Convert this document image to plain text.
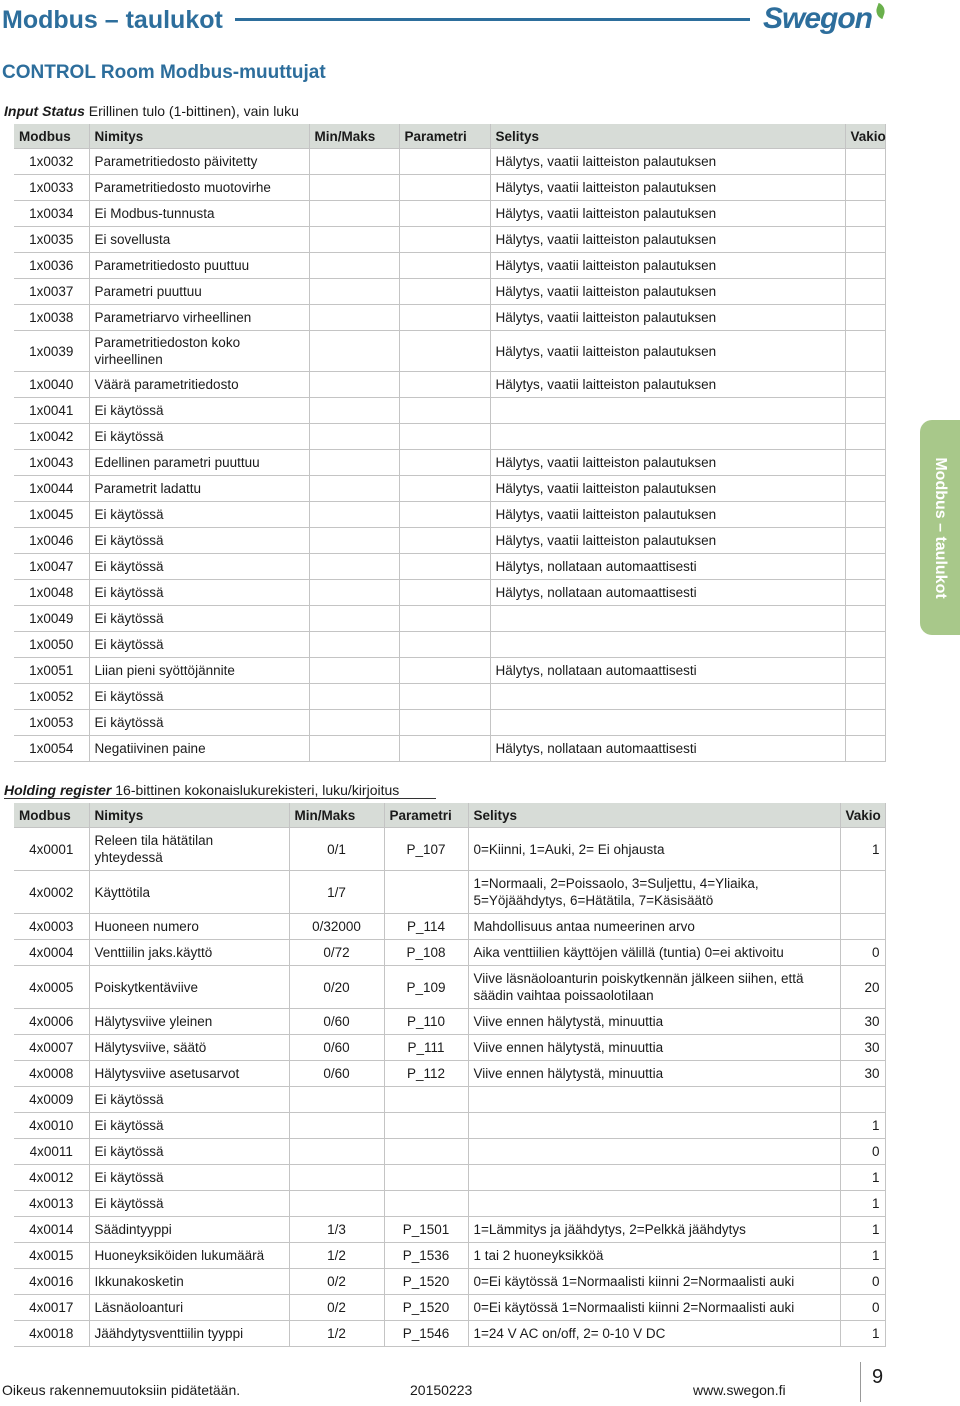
Modbus – taulukot	Swegon
CONTROL Room Modbus-muuttujat
Input Status Erillinen tulo (1-bittinen), vain luku
Modbus	Nimitys	Min/Maks	Parametri	Selitys	Vakio
1x0032	Parametritiedosto päivitetty			Hälytys, vaatii laitteiston palautuksen	
1x0033	Parametritiedosto muotovirhe			Hälytys, vaatii laitteiston palautuksen	
1x0034	Ei Modbus-tunnusta			Hälytys, vaatii laitteiston palautuksen	
1x0035	Ei sovellusta			Hälytys, vaatii laitteiston palautuksen	
1x0036	Parametritiedosto puuttuu			Hälytys, vaatii laitteiston palautuksen	
1x0037	Parametri puuttuu			Hälytys, vaatii laitteiston palautuksen	
1x0038	Parametriarvo virheellinen			Hälytys, vaatii laitteiston palautuksen	
1x0039	Parametritiedoston koko virheellinen			Hälytys, vaatii laitteiston palautuksen	
1x0040	Väärä parametritiedosto			Hälytys, vaatii laitteiston palautuksen	
1x0041	Ei käytössä				
1x0042	Ei käytössä				
1x0043	Edellinen parametri puuttuu			Hälytys, vaatii laitteiston palautuksen	
1x0044	Parametrit ladattu			Hälytys, vaatii laitteiston palautuksen	
1x0045	Ei käytössä			Hälytys, vaatii laitteiston palautuksen	
1x0046	Ei käytössä			Hälytys, vaatii laitteiston palautuksen	
1x0047	Ei käytössä			Hälytys, nollataan automaattisesti	
1x0048	Ei käytössä			Hälytys, nollataan automaattisesti	
1x0049	Ei käytössä				
1x0050	Ei käytössä				
1x0051	Liian pieni syöttöjännite			Hälytys, nollataan automaattisesti	
1x0052	Ei käytössä				
1x0053	Ei käytössä				
1x0054	Negatiivinen paine			Hälytys, nollataan automaattisesti	
Holding register 16-bittinen kokonaislukurekisteri, luku/kirjoitus
Modbus	Nimitys	Min/Maks	Parametri	Selitys	Vakio
4x0001	Releen tila hätätilan yhteydessä	0/1	P_107	0=Kiinni, 1=Auki, 2= Ei ohjausta	1
4x0002	Käyttötila	1/7		1=Normaali, 2=Poissaolo, 3=Suljettu, 4=Yliaika, 5=Yöjäähdytys, 6=Hätätila, 7=Käsisäätö	
4x0003	Huoneen numero	0/32000	P_114	Mahdollisuus antaa numeerinen arvo	
4x0004	Venttiilin jaks.käyttö	0/72	P_108	Aika venttiilien käyttöjen välillä (tuntia) 0=ei aktivoitu	0
4x0005	Poiskytkentäviive	0/20	P_109	Viive läsnäoloanturin poiskytkennän jälkeen siihen, että säädin vaihtaa poissaolotilaan	20
4x0006	Hälytysviive yleinen	0/60	P_110	Viive ennen hälytystä, minuuttia	30
4x0007	Hälytysviive, säätö	0/60	P_111	Viive ennen hälytystä, minuuttia	30
4x0008	Hälytysviive asetusarvot	0/60	P_112	Viive ennen hälytystä, minuuttia	30
4x0009	Ei käytössä				
4x0010	Ei käytössä				1
4x0011	Ei käytössä				0
4x0012	Ei käytössä				1
4x0013	Ei käytössä				1
4x0014	Säädintyyppi	1/3	P_1501	1=Lämmitys ja jäähdytys, 2=Pelkkä jäähdytys	1
4x0015	Huoneyksiköiden lukumäärä	1/2	P_1536	1 tai 2 huoneyksikköä	1
4x0016	Ikkunakosketin	0/2	P_1520	0=Ei käytössä 1=Normaalisti kiinni 2=Normaalisti auki	0
4x0017	Läsnäoloanturi	0/2	P_1520	0=Ei käytössä 1=Normaalisti kiinni 2=Normaalisti auki	0
4x0018	Jäähdytysventtiilin tyyppi	1/2	P_1546	1=24 V AC on/off, 2= 0-10 V DC	1
Modbus – taulukot
9
Oikeus rakennemuutoksiin pidätetään.	20150223	www.swegon.fi
